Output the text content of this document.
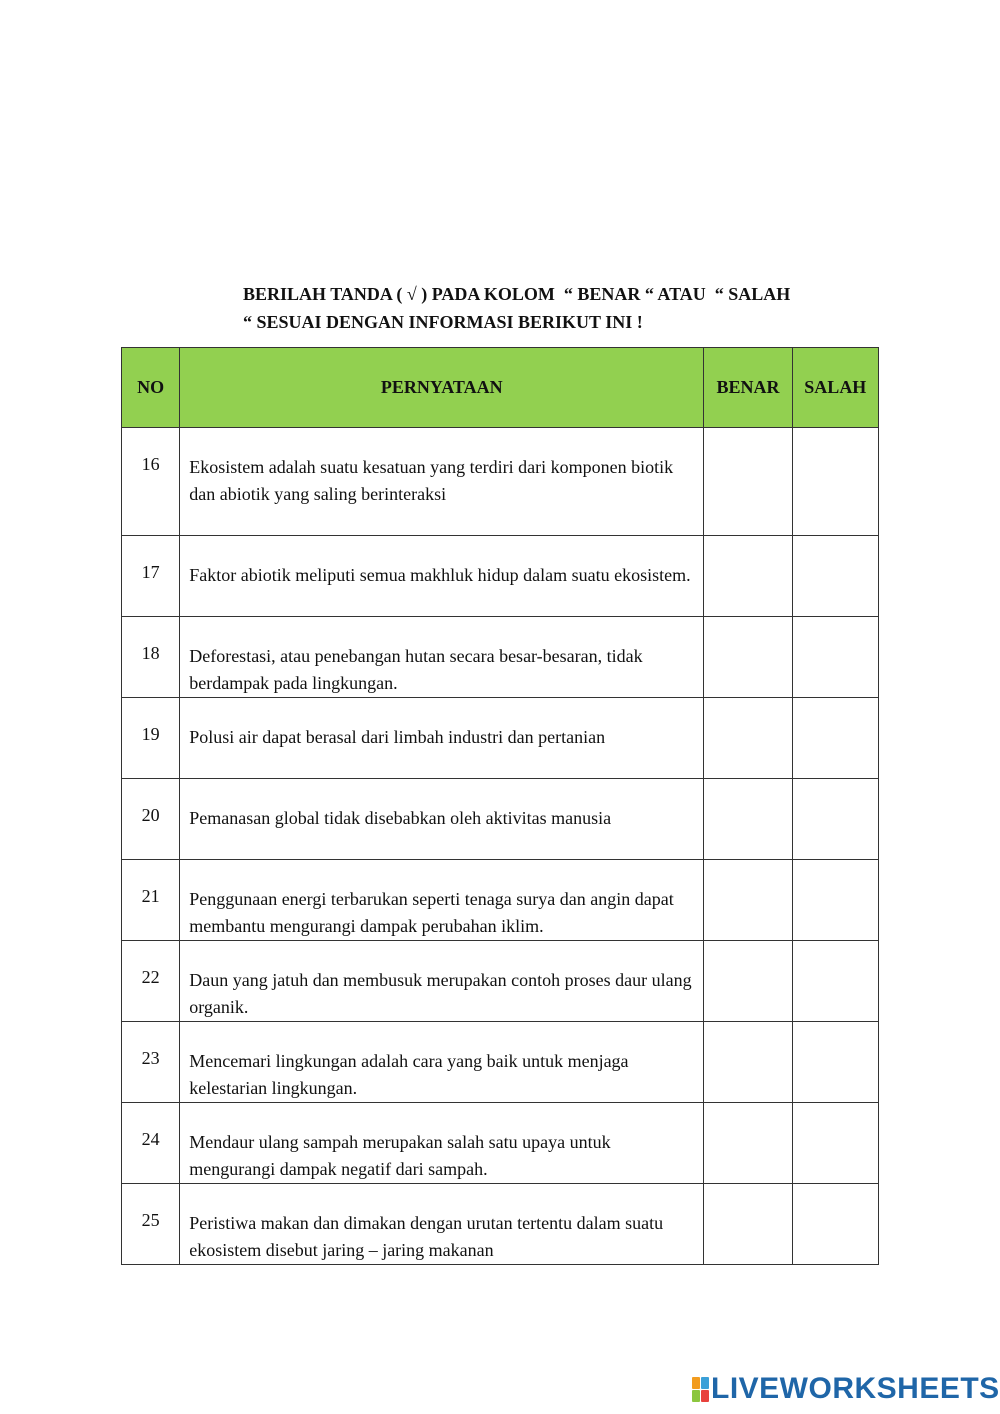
BERILAH TANDA ( √ ) PADA KOLOM  “ BENAR “ ATAU  “ SALAH
“ SESUAI DENGAN INFORMASI BERIKUT INI !
NO	PERNYATAAN	BENAR	SALAH
16	Ekosistem adalah suatu kesatuan yang terdiri dari komponen biotik dan abiotik yang saling berinteraksi		
17	Faktor abiotik meliputi semua makhluk hidup dalam suatu ekosistem.		
18	Deforestasi, atau penebangan hutan secara besar-besaran, tidak berdampak pada lingkungan.		
19	Polusi air dapat berasal dari limbah industri dan pertanian		
20	Pemanasan global tidak disebabkan oleh aktivitas manusia		
21	Penggunaan energi terbarukan seperti tenaga surya dan angin dapat membantu mengurangi dampak perubahan iklim.		
22	Daun yang jatuh dan membusuk merupakan contoh proses daur ulang organik.		
23	Mencemari lingkungan adalah cara yang baik untuk menjaga kelestarian lingkungan.		
24	Mendaur ulang sampah merupakan salah satu upaya untuk mengurangi dampak negatif dari sampah.		
25	Peristiwa makan dan dimakan dengan urutan tertentu dalam suatu ekosistem disebut jaring – jaring makanan		
LIVEWORKSHEETS
